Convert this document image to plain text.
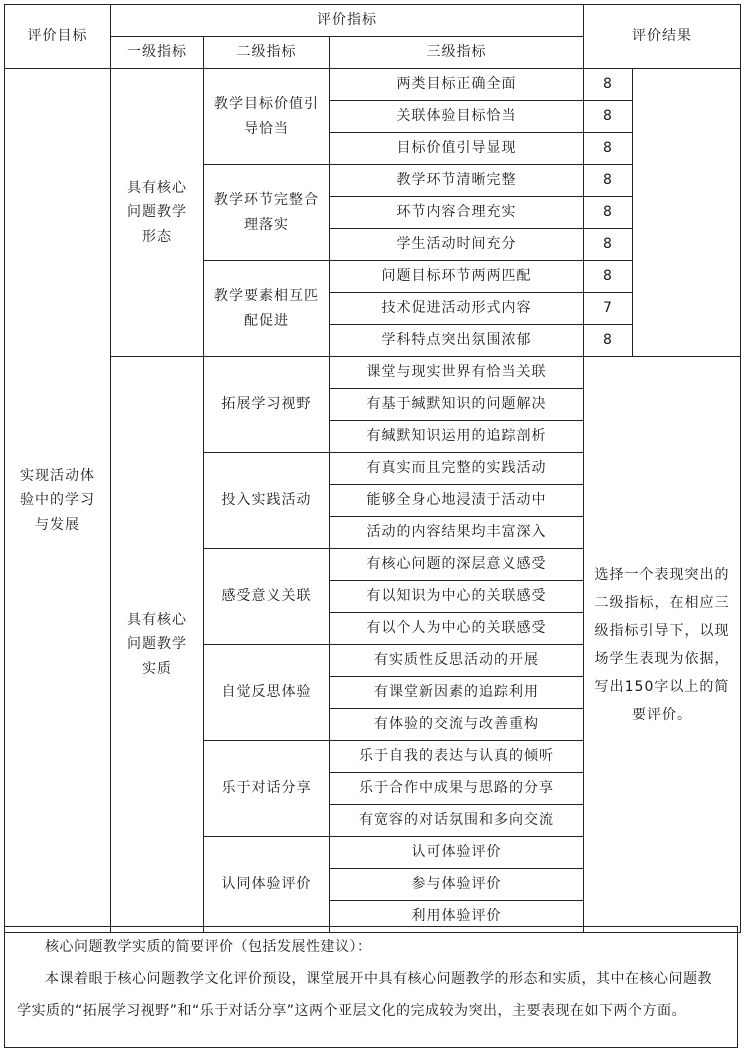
评价目标	评价指标			评价结果	
	一级指标	二级指标	三级指标		
实现活动体验中的学习与发展	具有核心问题教学形态	教学目标价值引导恰当	两类目标正确全面	8	
			关联体验目标恰当	8	
			目标价值引导显现	8	
		教学环节完整合理落实	教学环节清晰完整	8	
			环节内容合理充实	8	
			学生活动时间充分	8	
		教学要素相互匹配促进	问题目标环节两两匹配	8	
			技术促进活动形式内容	7	
			学科特点突出氛围浓郁	8	
	具有核心问题教学实质	拓展学习视野	课堂与现实世界有恰当关联	选择一个表现突出的二级指标，在相应三级指标引导下，以现场学生表现为依据，写出150字以上的简要评价。	
			有基于缄默知识的问题解决		
			有缄默知识运用的追踪剖析		
		投入实践活动	有真实而且完整的实践活动		
			能够全身心地浸渍于活动中		
			活动的内容结果均丰富深入		
		感受意义关联	有核心问题的深层意义感受		
			有以知识为中心的关联感受		
			有以个人为中心的关联感受		
		自觉反思体验	有实质性反思活动的开展		
			有课堂新因素的追踪利用		
			有体验的交流与改善重构		
		乐于对话分享	乐于自我的表达与认真的倾听		
			乐于合作中成果与思路的分享		
			有宽容的对话氛围和多向交流		
		认同体验评价	认可体验评价		
			参与体验评价		
			利用体验评价		

核心问题教学实质的简要评价（包括发展性建议）：

本课着眼于核心问题教学文化评价预设，课堂展开中具有核心问题教学的形态和实质，其中在核心问题教学实质的“拓展学习视野”和“乐于对话分享”这两个亚层文化的完成较为突出，主要表现在如下两个方面。
